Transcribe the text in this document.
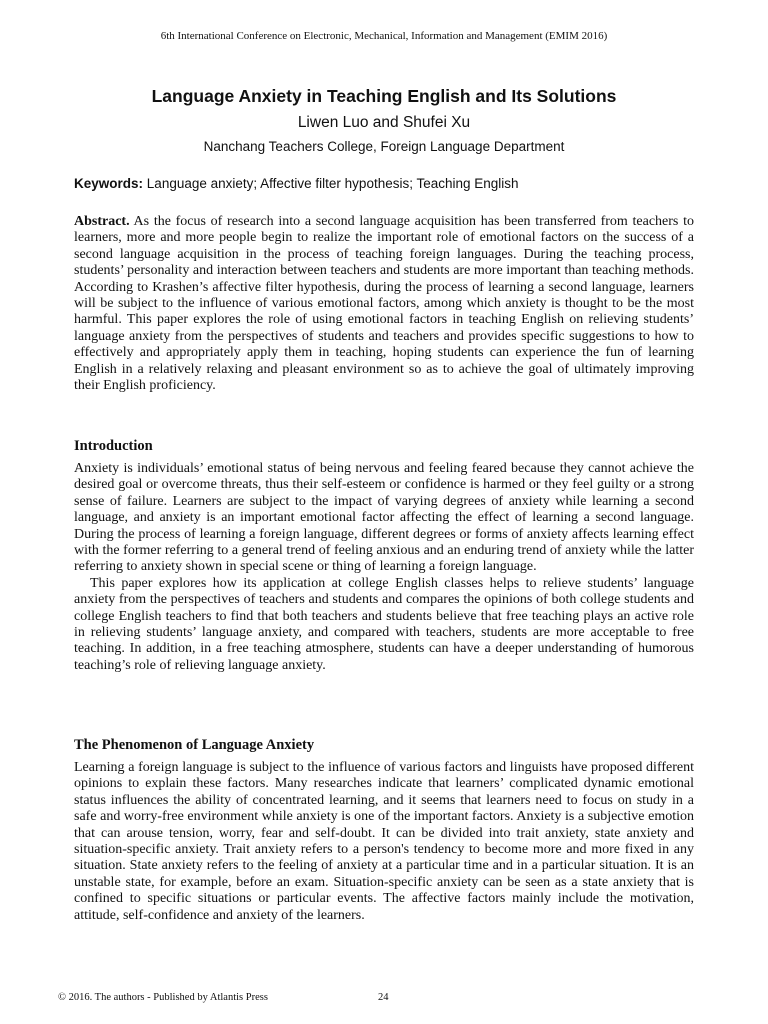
6th International Conference on Electronic, Mechanical, Information and Management (EMIM 2016)
Language Anxiety in Teaching English and Its Solutions
Liwen Luo and Shufei Xu
Nanchang Teachers College, Foreign Language Department
Keywords: Language anxiety; Affective filter hypothesis; Teaching English
Abstract. As the focus of research into a second language acquisition has been transferred from teachers to learners, more and more people begin to realize the important role of emotional factors on the success of a second language acquisition in the process of teaching foreign languages. During the teaching process, students’ personality and interaction between teachers and students are more important than teaching methods. According to Krashen’s affective filter hypothesis, during the process of learning a second language, learners will be subject to the influence of various emotional factors, among which anxiety is thought to be the most harmful. This paper explores the role of using emotional factors in teaching English on relieving students’ language anxiety from the perspectives of students and teachers and provides specific suggestions to how to effectively and appropriately apply them in teaching, hoping students can experience the fun of learning English in a relatively relaxing and pleasant environment so as to achieve the goal of ultimately improving their English proficiency.
Introduction

Anxiety is individuals’ emotional status of being nervous and feeling feared because they cannot achieve the desired goal or overcome threats, thus their self-esteem or confidence is harmed or they feel guilty or a strong sense of failure. Learners are subject to the impact of varying degrees of anxiety while learning a second language, and anxiety is an important emotional factor affecting the effect of learning a second language. During the process of learning a foreign language, different degrees or forms of anxiety affects learning effect with the former referring to a general trend of feeling anxious and an enduring trend of anxiety while the latter referring to anxiety shown in special scene or thing of learning a foreign language.

This paper explores how its application at college English classes helps to relieve students’ language anxiety from the perspectives of teachers and students and compares the opinions of both college students and college English teachers to find that both teachers and students believe that free teaching plays an active role in relieving students’ language anxiety, and compared with teachers, students are more acceptable to free teaching. In addition, in a free teaching atmosphere, students can have a deeper understanding of humorous teaching’s role of relieving language anxiety.

The Phenomenon of Language Anxiety

Learning a foreign language is subject to the influence of various factors and linguists have proposed different opinions to explain these factors. Many researches indicate that learners’ complicated dynamic emotional status influences the ability of concentrated learning, and it seems that learners need to focus on study in a safe and worry-free environment while anxiety is one of the important factors. Anxiety is a subjective emotion that can arouse tension, worry, fear and self-doubt. It can be divided into trait anxiety, state anxiety and situation-specific anxiety. Trait anxiety refers to a person's tendency to become more and more fixed in any situation. State anxiety refers to the feeling of anxiety at a particular time and in a particular situation. It is an unstable state, for example, before an exam. Situation-specific anxiety can be seen as a state anxiety that is confined to specific situations or particular events. The affective factors mainly include the motivation, attitude, self-confidence and anxiety of the learners.

© 2016. The authors - Published by Atlantis Press	24
